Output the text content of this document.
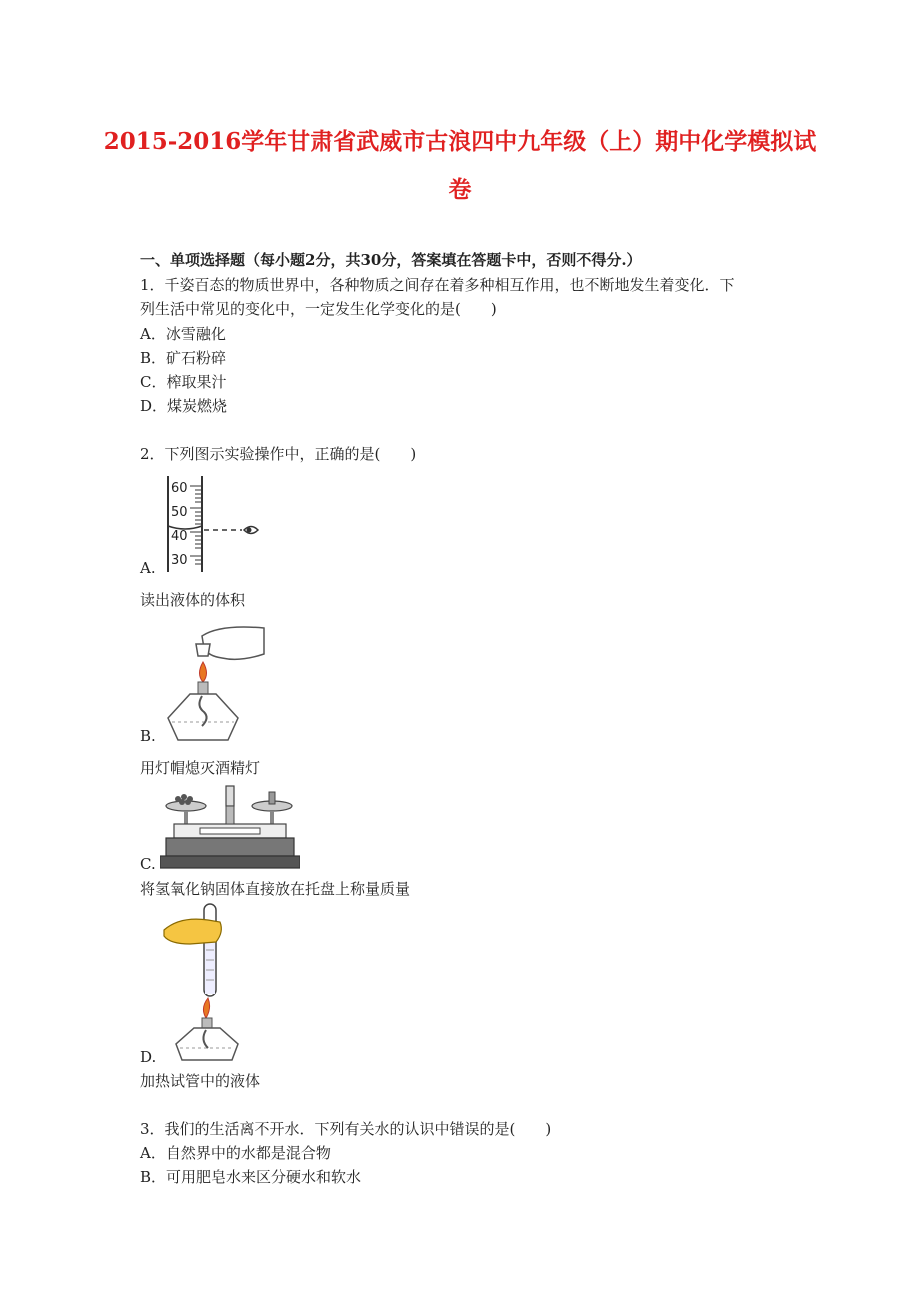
2015-2016学年甘肃省武威市古浪四中九年级（上）期中化学模拟试
卷
一、单项选择题（每小题2分，共30分，答案填在答题卡中，否则不得分.）
1．千姿百态的物质世界中，各种物质之间存在着多种相互作用，也不断地发生着变化．下
列生活中常见的变化中，一定发生化学变化的是(　　)
A．冰雪融化
B．矿石粉碎
C．榨取果汁
D．煤炭燃烧
2．下列图示实验操作中，正确的是(　　)
60
50
40
30
A.
读出液体的体积
B.
用灯帽熄灭酒精灯
C.
将氢氧化钠固体直接放在托盘上称量质量
D.
加热试管中的液体
3．我们的生活离不开水．下列有关水的认识中错误的是(　　)
A．自然界中的水都是混合物
B．可用肥皂水来区分硬水和软水
